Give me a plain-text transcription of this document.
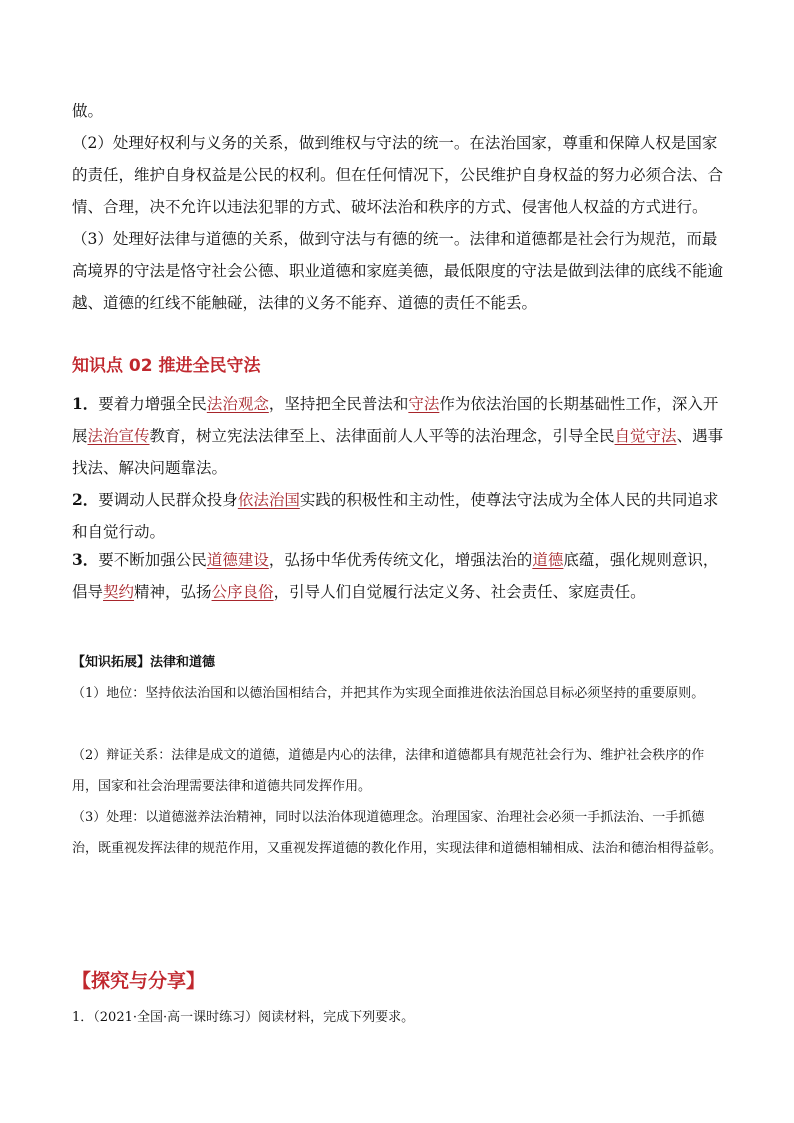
做。

（2）处理好权利与义务的关系，做到维权与守法的统一。在法治国家，尊重和保障人权是国家的责任，维护自身权益是公民的权利。但在任何情况下，公民维护自身权益的努力必须合法、合情、合理，决不允许以违法犯罪的方式、破坏法治和秩序的方式、侵害他人权益的方式进行。

（3）处理好法律与道德的关系，做到守法与有德的统一。法律和道德都是社会行为规范，而最高境界的守法是恪守社会公德、职业道德和家庭美德，最低限度的守法是做到法律的底线不能逾越、道德的红线不能触碰，法律的义务不能弃、道德的责任不能丢。

知识点 02 推进全民守法

1．要着力增强全民法治观念，坚持把全民普法和守法作为依法治国的长期基础性工作，深入开展法治宣传教育，树立宪法法律至上、法律面前人人平等的法治理念，引导全民自觉守法、遇事找法、解决问题靠法。

2．要调动人民群众投身依法治国实践的积极性和主动性，使尊法守法成为全体人民的共同追求和自觉行动。

3．要不断加强公民道德建设，弘扬中华优秀传统文化，增强法治的道德底蕴，强化规则意识，倡导契约精神，弘扬公序良俗，引导人们自觉履行法定义务、社会责任、家庭责任。

【知识拓展】法律和道德

（1）地位：坚持依法治国和以德治国相结合，并把其作为实现全面推进依法治国总目标必须坚持的重要原则。

（2）辩证关系：法律是成文的道德，道德是内心的法律，法律和道德都具有规范社会行为、维护社会秩序的作用，国家和社会治理需要法律和道德共同发挥作用。

（3）处理：以道德滋养法治精神，同时以法治体现道德理念。治理国家、治理社会必须一手抓法治、一手抓德治，既重视发挥法律的规范作用，又重视发挥道德的教化作用，实现法律和道德相辅相成、法治和德治相得益彰。

【探究与分享】

1．（2021·全国·高一课时练习）阅读材料，完成下列要求。
